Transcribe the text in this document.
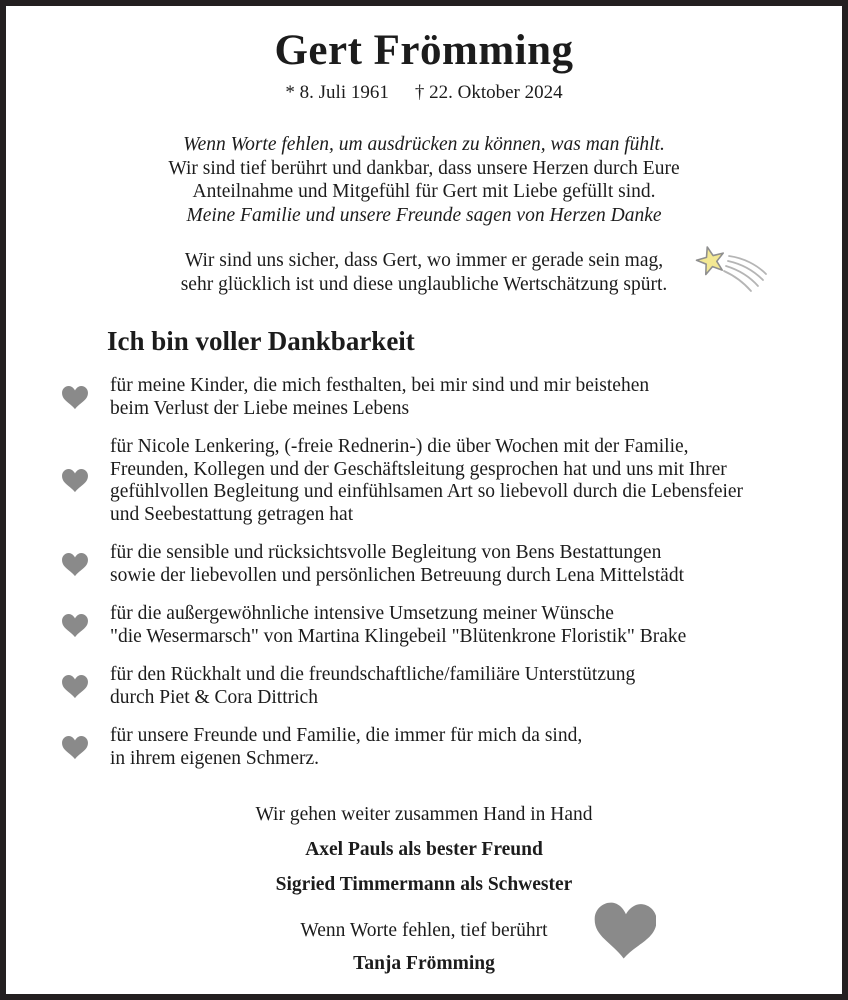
Gert Frömming
* 8. Juli 1961 † 22. Oktober 2024
Wenn Worte fehlen, um ausdrücken zu können, was man fühlt.
Wir sind tief berührt und dankbar, dass unsere Herzen durch Eure
Anteilnahme und Mitgefühl für Gert mit Liebe gefüllt sind.
Meine Familie und unsere Freunde sagen von Herzen Danke
Wir sind uns sicher, dass Gert, wo immer er gerade sein mag,
sehr glücklich ist und diese unglaubliche Wertschätzung spürt.
Ich bin voller Dankbarkeit
für meine Kinder, die mich festhalten, bei mir sind und mir beistehen
beim Verlust der Liebe meines Lebens
für Nicole Lenkering, (-freie Rednerin-) die über Wochen mit der Familie,
Freunden, Kollegen und der Geschäftsleitung gesprochen hat und uns mit Ihrer
gefühlvollen Begleitung und einfühlsamen Art so liebevoll durch die Lebensfeier
und Seebestattung getragen hat
für die sensible und rücksichtsvolle Begleitung von Bens Bestattungen
sowie der liebevollen und persönlichen Betreuung durch Lena Mittelstädt
für die außergewöhnliche intensive Umsetzung meiner Wünsche
"die Wesermarsch" von Martina Klingebeil "Blütenkrone Floristik" Brake
für den Rückhalt und die freundschaftliche/familiäre Unterstützung
durch Piet & Cora Dittrich
für unsere Freunde und Familie, die immer für mich da sind,
in ihrem eigenen Schmerz.
Wir gehen weiter zusammen Hand in Hand
Axel Pauls als bester Freund
Sigried Timmermann als Schwester
Wenn Worte fehlen, tief berührt
Tanja Frömming
